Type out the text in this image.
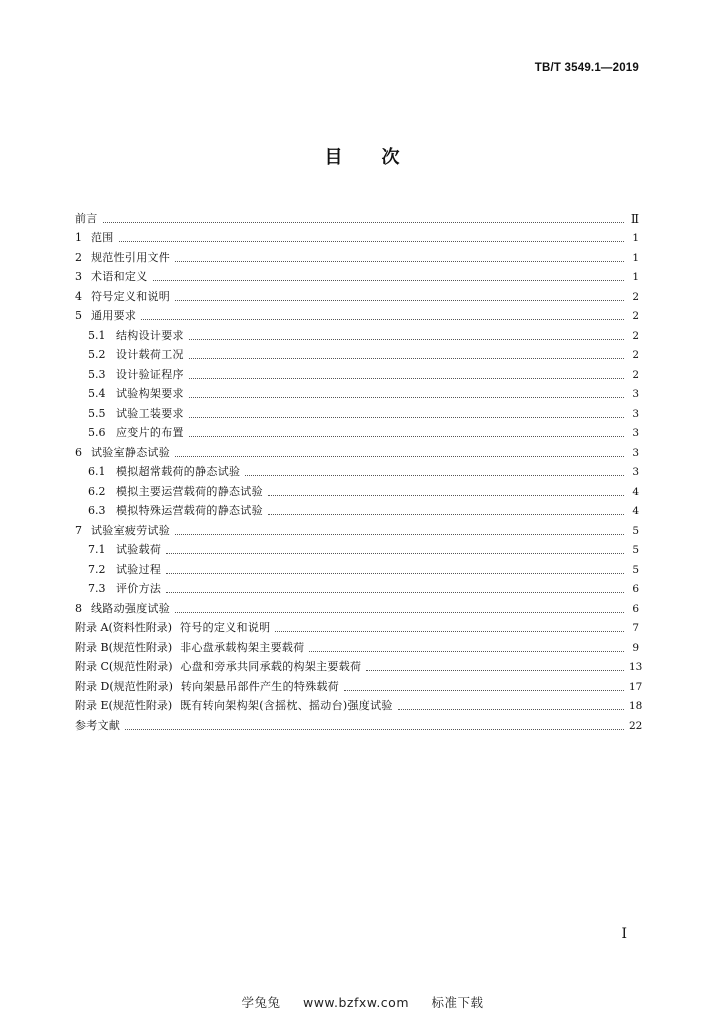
TB/T 3549.1—2019
目 次
前言	Ⅱ
1 范围	1
2 规范性引用文件	1
3 术语和定义	1
4 符号定义和说明	2
5 通用要求	2
5.1 结构设计要求	2
5.2 设计载荷工况	2
5.3 设计验证程序	2
5.4 试验构架要求	3
5.5 试验工装要求	3
5.6 应变片的布置	3
6 试验室静态试验	3
6.1 模拟超常载荷的静态试验	3
6.2 模拟主要运营载荷的静态试验	4
6.3 模拟特殊运营载荷的静态试验	4
7 试验室疲劳试验	5
7.1 试验载荷	5
7.2 试验过程	5
7.3 评价方法	6
8 线路动强度试验	6
附录 A(资料性附录) 符号的定义和说明	7
附录 B(规范性附录) 非心盘承载构架主要载荷	9
附录 C(规范性附录) 心盘和旁承共同承载的构架主要载荷	13
附录 D(规范性附录) 转向架悬吊部件产生的特殊载荷	17
附录 E(规范性附录) 既有转向架构架(含摇枕、摇动台)强度试验	18
参考文献	22
I
学兔兔 www.bzfxw.com 标准下载
